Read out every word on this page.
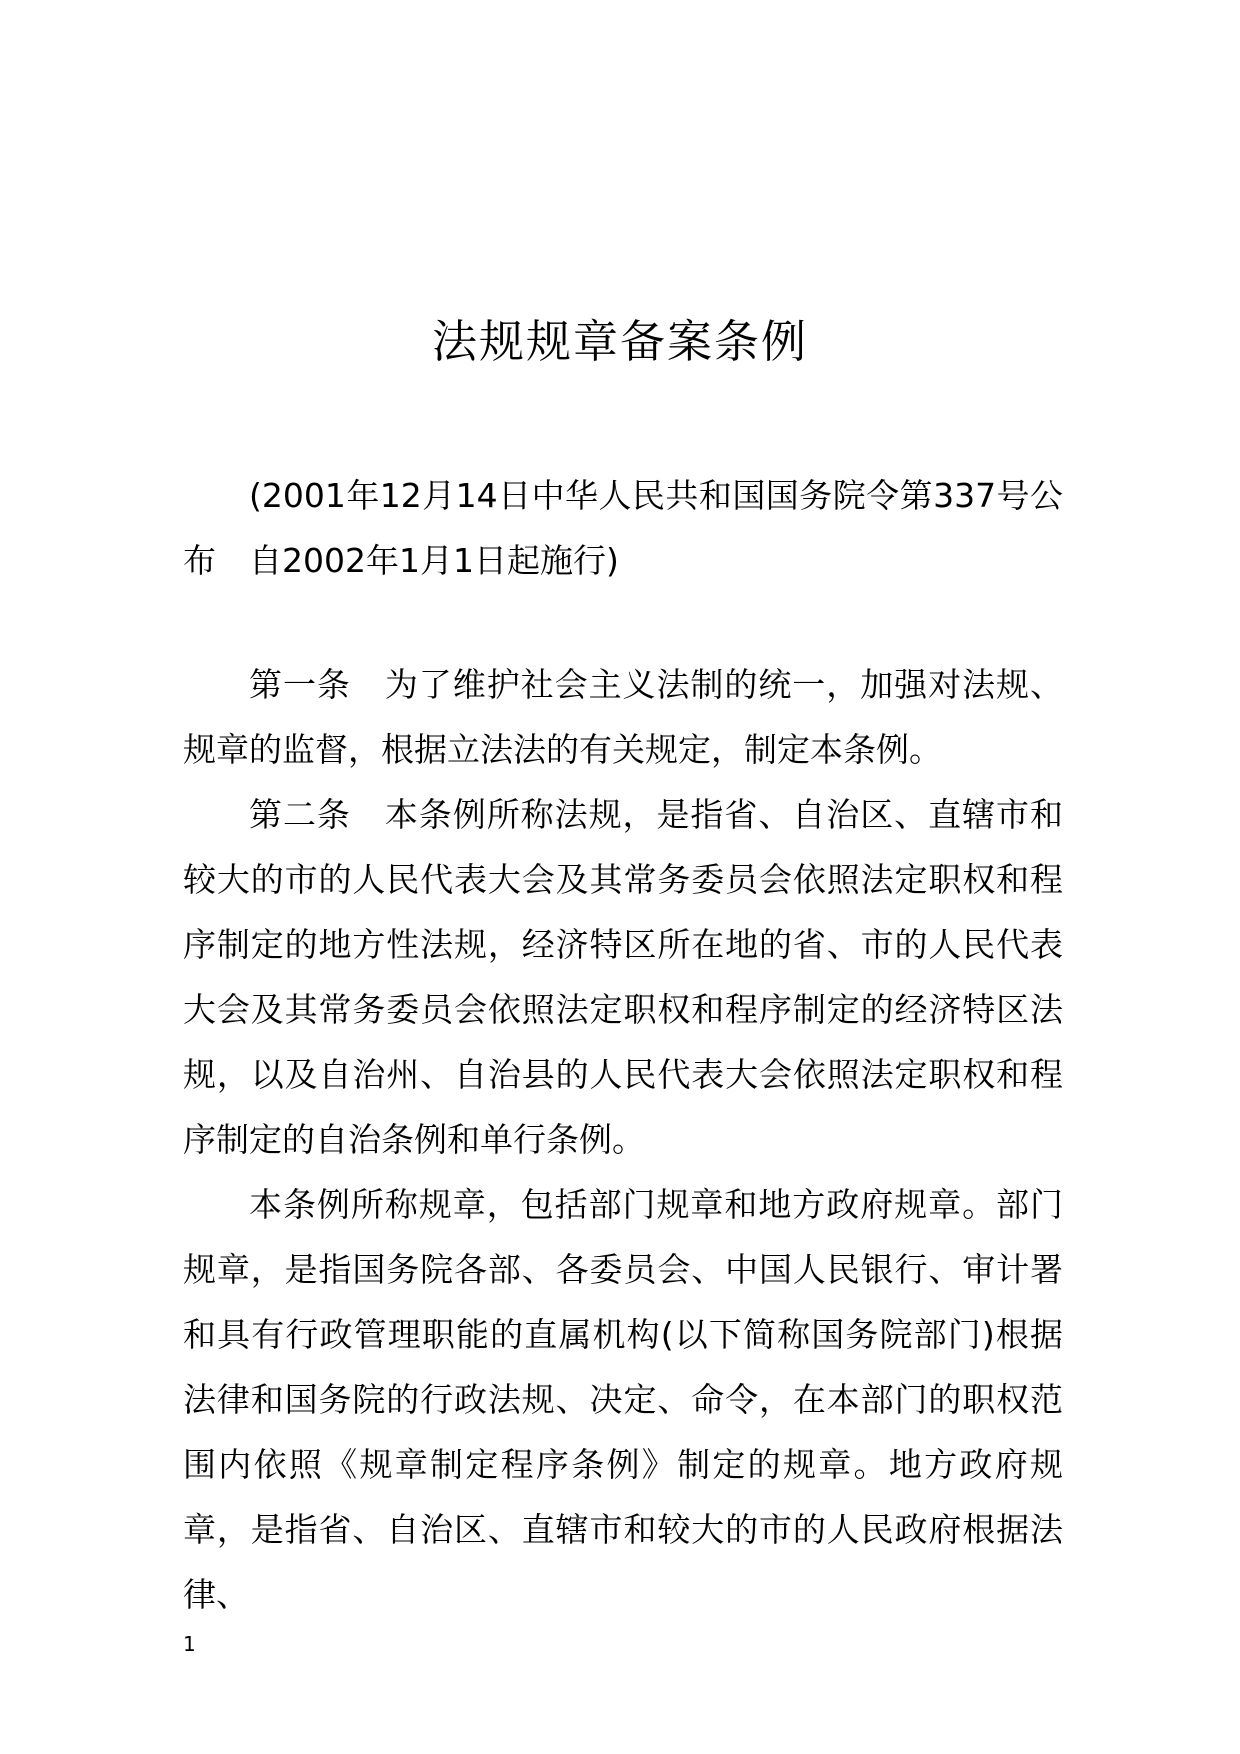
法规规章备案条例

(2001年12月14日中华人民共和国国务院令第337号公布　自2002年1月1日起施行)

第一条　为了维护社会主义法制的统一，加强对法规、规章的监督，根据立法法的有关规定，制定本条例。

第二条　本条例所称法规，是指省、自治区、直辖市和较大的市的人民代表大会及其常务委员会依照法定职权和程序制定的地方性法规，经济特区所在地的省、市的人民代表大会及其常务委员会依照法定职权和程序制定的经济特区法规，以及自治州、自治县的人民代表大会依照法定职权和程序制定的自治条例和单行条例。

本条例所称规章，包括部门规章和地方政府规章。部门规章，是指国务院各部、各委员会、中国人民银行、审计署和具有行政管理职能的直属机构(以下简称国务院部门)根据法律和国务院的行政法规、决定、命令，在本部门的职权范围内依照《规章制定程序条例》制定的规章。地方政府规章，是指省、自治区、直辖市和较大的市的人民政府根据法律、

1
